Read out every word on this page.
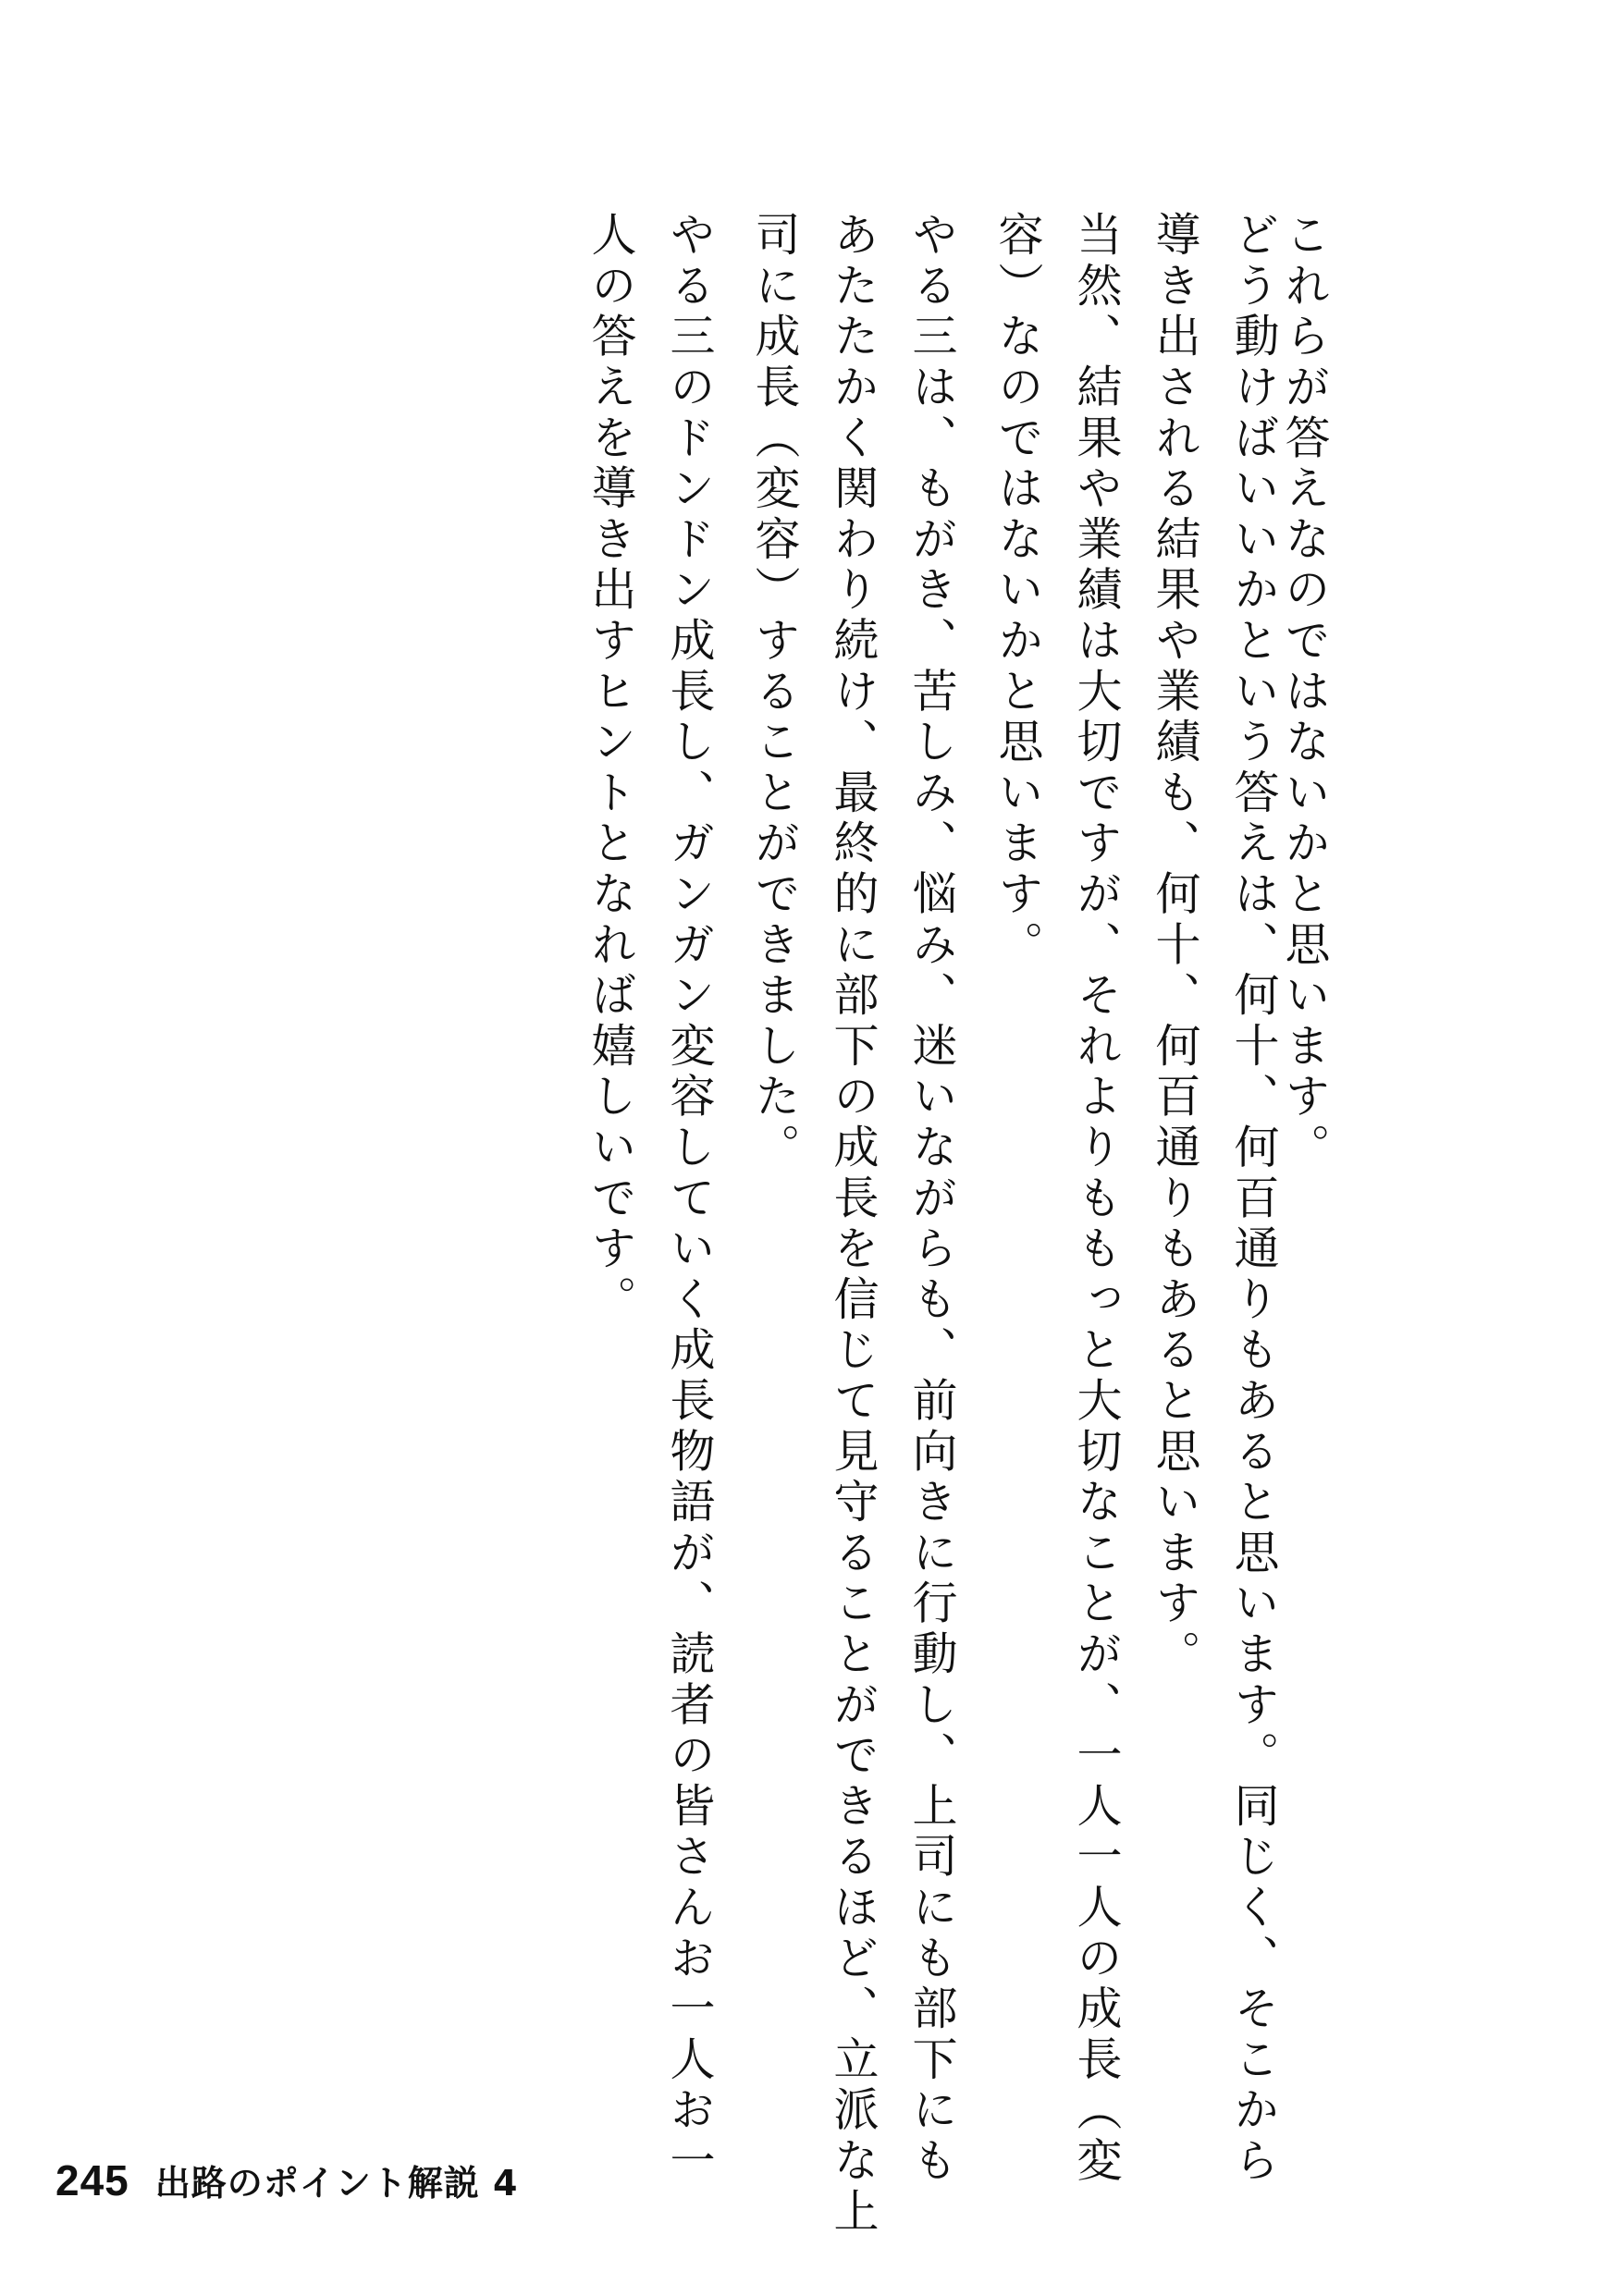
これらが答えなのではないかと思います。
どう動けばいいかという答えは、何十、何百通りもあると思います。同じく、そこから
導き出される結果や業績も、何十、何百通りもあると思います。
当然、結果や業績は大切ですが、それよりももっと大切なことが、一人一人の成長（変
容）なのではないかと思います。
やる三は、もがき、苦しみ、悩み、迷いながらも、前向きに行動し、上司にも部下にも
あたたかく関わり続け、最終的に部下の成長を信じて見守ることができるほど、立派な上
司に成長（変容）することができました。
やる三のドンドン成長し、ガンガン変容していく成長物語が、読者の皆さんお一人お一
人の答えを導き出すヒントとなれば嬉しいです。
245 出路のポイント解説 4
